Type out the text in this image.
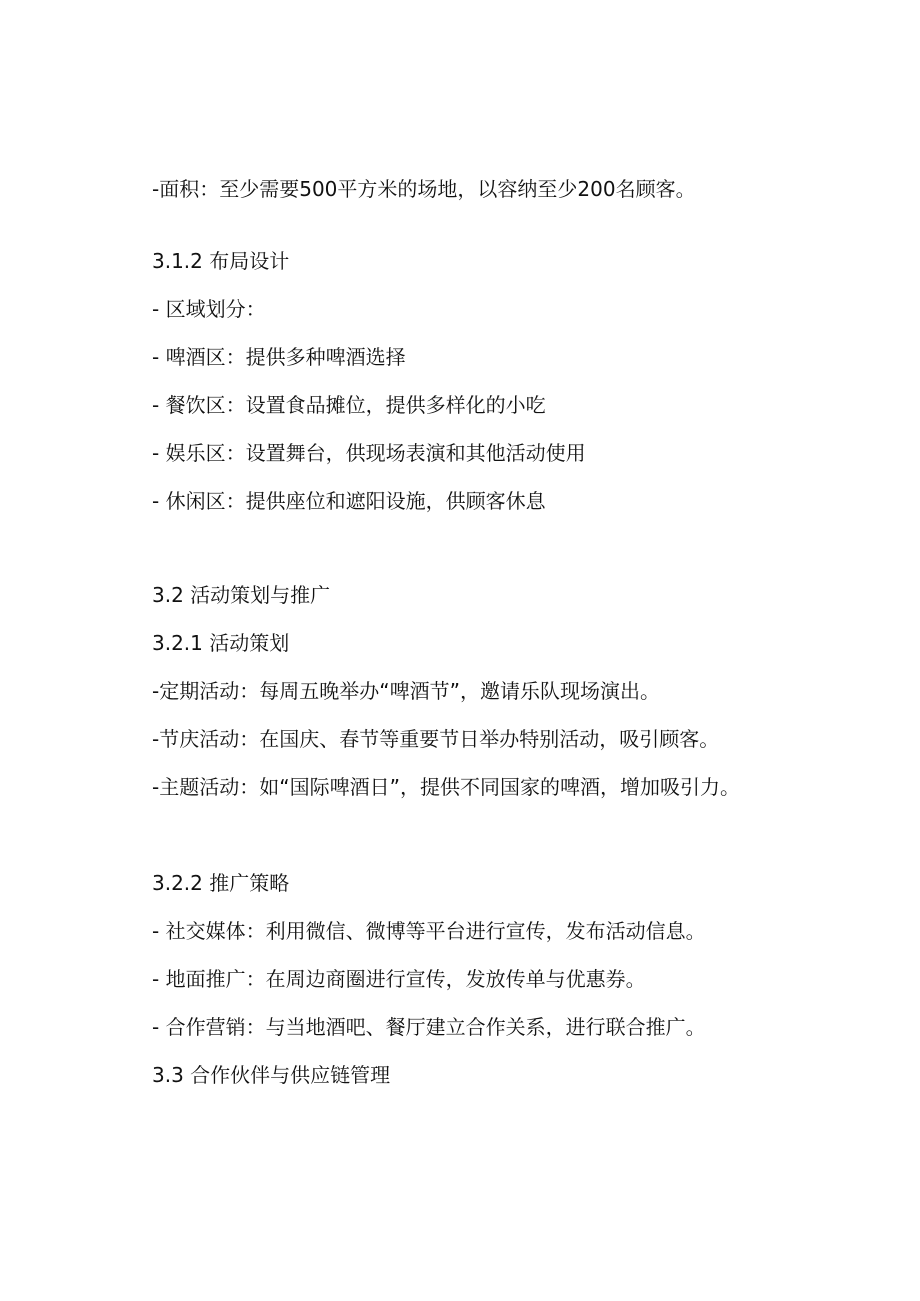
-面积：至少需要500平方米的场地，以容纳至少200名顾客。
3.1.2 布局设计
- 区域划分：
- 啤酒区：提供多种啤酒选择
- 餐饮区：设置食品摊位，提供多样化的小吃
- 娱乐区：设置舞台，供现场表演和其他活动使用
- 休闲区：提供座位和遮阳设施，供顾客休息
3.2 活动策划与推广
3.2.1 活动策划
-定期活动：每周五晚举办“啤酒节”，邀请乐队现场演出。
-节庆活动：在国庆、春节等重要节日举办特别活动，吸引顾客。
-主题活动：如“国际啤酒日”，提供不同国家的啤酒，增加吸引力。
3.2.2 推广策略
- 社交媒体：利用微信、微博等平台进行宣传，发布活动信息。
- 地面推广：在周边商圈进行宣传，发放传单与优惠券。
- 合作营销：与当地酒吧、餐厅建立合作关系，进行联合推广。
3.3 合作伙伴与供应链管理
